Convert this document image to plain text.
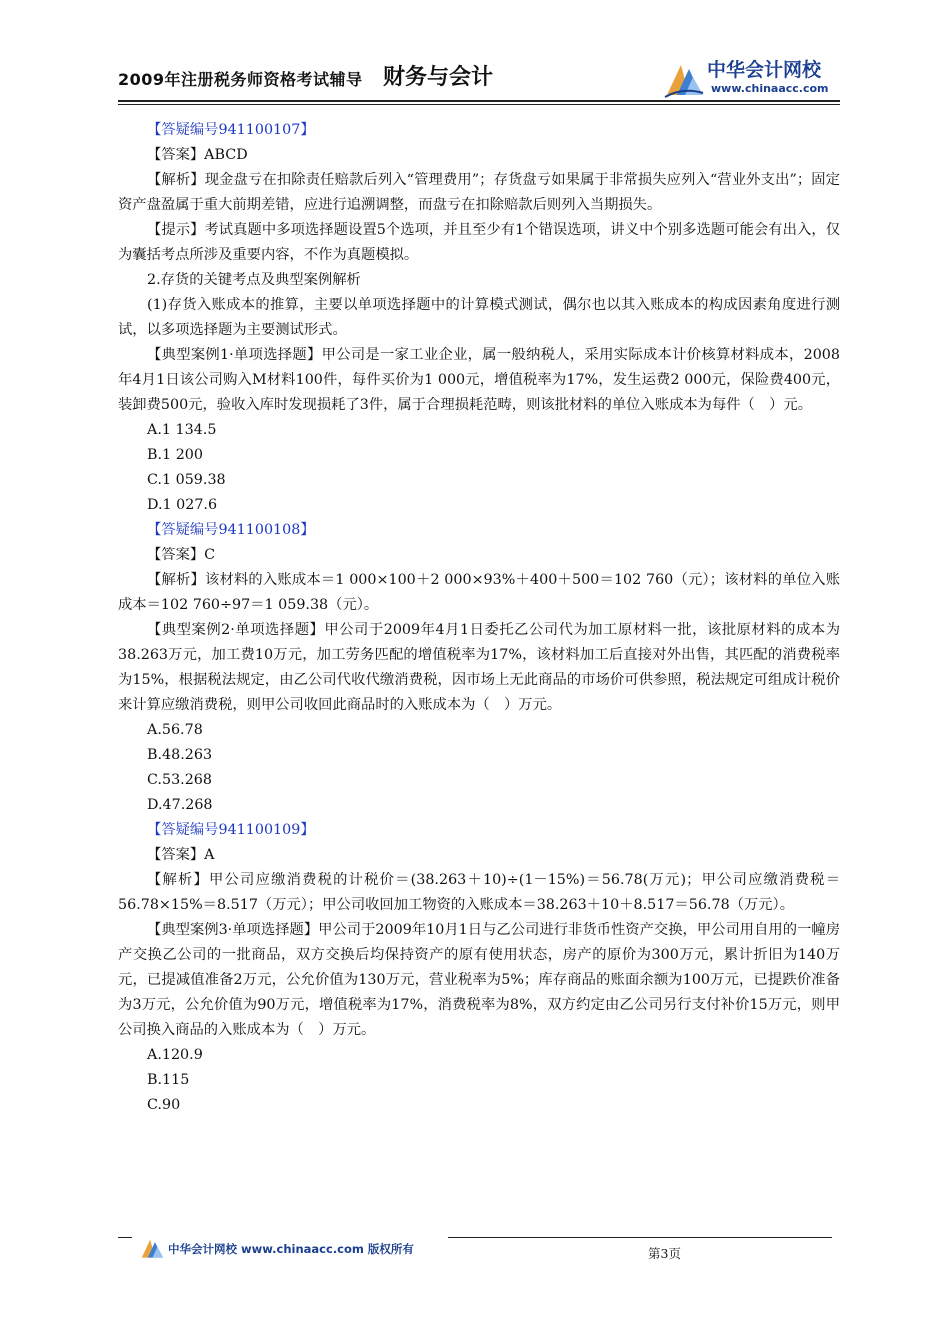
2009年注册税务师资格考试辅导 财务与会计	中华会计网校
www.chinaacc.com

【答疑编号941100107】

【答案】ABCD

【解析】现金盘亏在扣除责任赔款后列入“管理费用”；存货盘亏如果属于非常损失应列入“营业外支出”；固定资产盘盈属于重大前期差错，应进行追溯调整，而盘亏在扣除赔款后则列入当期损失。

【提示】考试真题中多项选择题设置5个选项，并且至少有1个错误选项，讲义中个别多选题可能会有出入，仅为囊括考点所涉及重要内容，不作为真题模拟。

2.存货的关键考点及典型案例解析

(1)存货入账成本的推算，主要以单项选择题中的计算模式测试，偶尔也以其入账成本的构成因素角度进行测试，以多项选择题为主要测试形式。

【典型案例1·单项选择题】甲公司是一家工业企业，属一般纳税人，采用实际成本计价核算材料成本，2008年4月1日该公司购入M材料100件，每件买价为1 000元，增值税率为17%，发生运费2 000元，保险费400元，装卸费500元，验收入库时发现损耗了3件，属于合理损耗范畴，则该批材料的单位入账成本为每件（　）元。

A.1 134.5

B.1 200

C.1 059.38

D.1 027.6

【答疑编号941100108】

【答案】C

【解析】该材料的入账成本＝1 000×100＋2 000×93%＋400＋500＝102 760（元）；该材料的单位入账成本＝102 760÷97＝1 059.38（元）。

【典型案例2·单项选择题】甲公司于2009年4月1日委托乙公司代为加工原材料一批，该批原材料的成本为38.263万元，加工费10万元，加工劳务匹配的增值税率为17%，该材料加工后直接对外出售，其匹配的消费税率为15%，根据税法规定，由乙公司代收代缴消费税，因市场上无此商品的市场价可供参照，税法规定可组成计税价来计算应缴消费税，则甲公司收回此商品时的入账成本为（　）万元。

A.56.78

B.48.263

C.53.268

D.47.268

【答疑编号941100109】

【答案】A

【解析】甲公司应缴消费税的计税价＝(38.263＋10)÷(1－15%)＝56.78(万元)；甲公司应缴消费税＝56.78×15%＝8.517（万元）；甲公司收回加工物资的入账成本＝38.263＋10＋8.517＝56.78（万元）。

【典型案例3·单项选择题】甲公司于2009年10月1日与乙公司进行非货币性资产交换，甲公司用自用的一幢房产交换乙公司的一批商品，双方交换后均保持资产的原有使用状态，房产的原价为300万元，累计折旧为140万元，已提减值准备2万元，公允价值为130万元，营业税率为5%；库存商品的账面余额为100万元，已提跌价准备为3万元，公允价值为90万元，增值税率为17%，消费税率为8%，双方约定由乙公司另行支付补价15万元，则甲公司换入商品的入账成本为（　）万元。

A.120.9

B.115

C.90

中华会计网校 www.chinaacc.com 版权所有	第3页
